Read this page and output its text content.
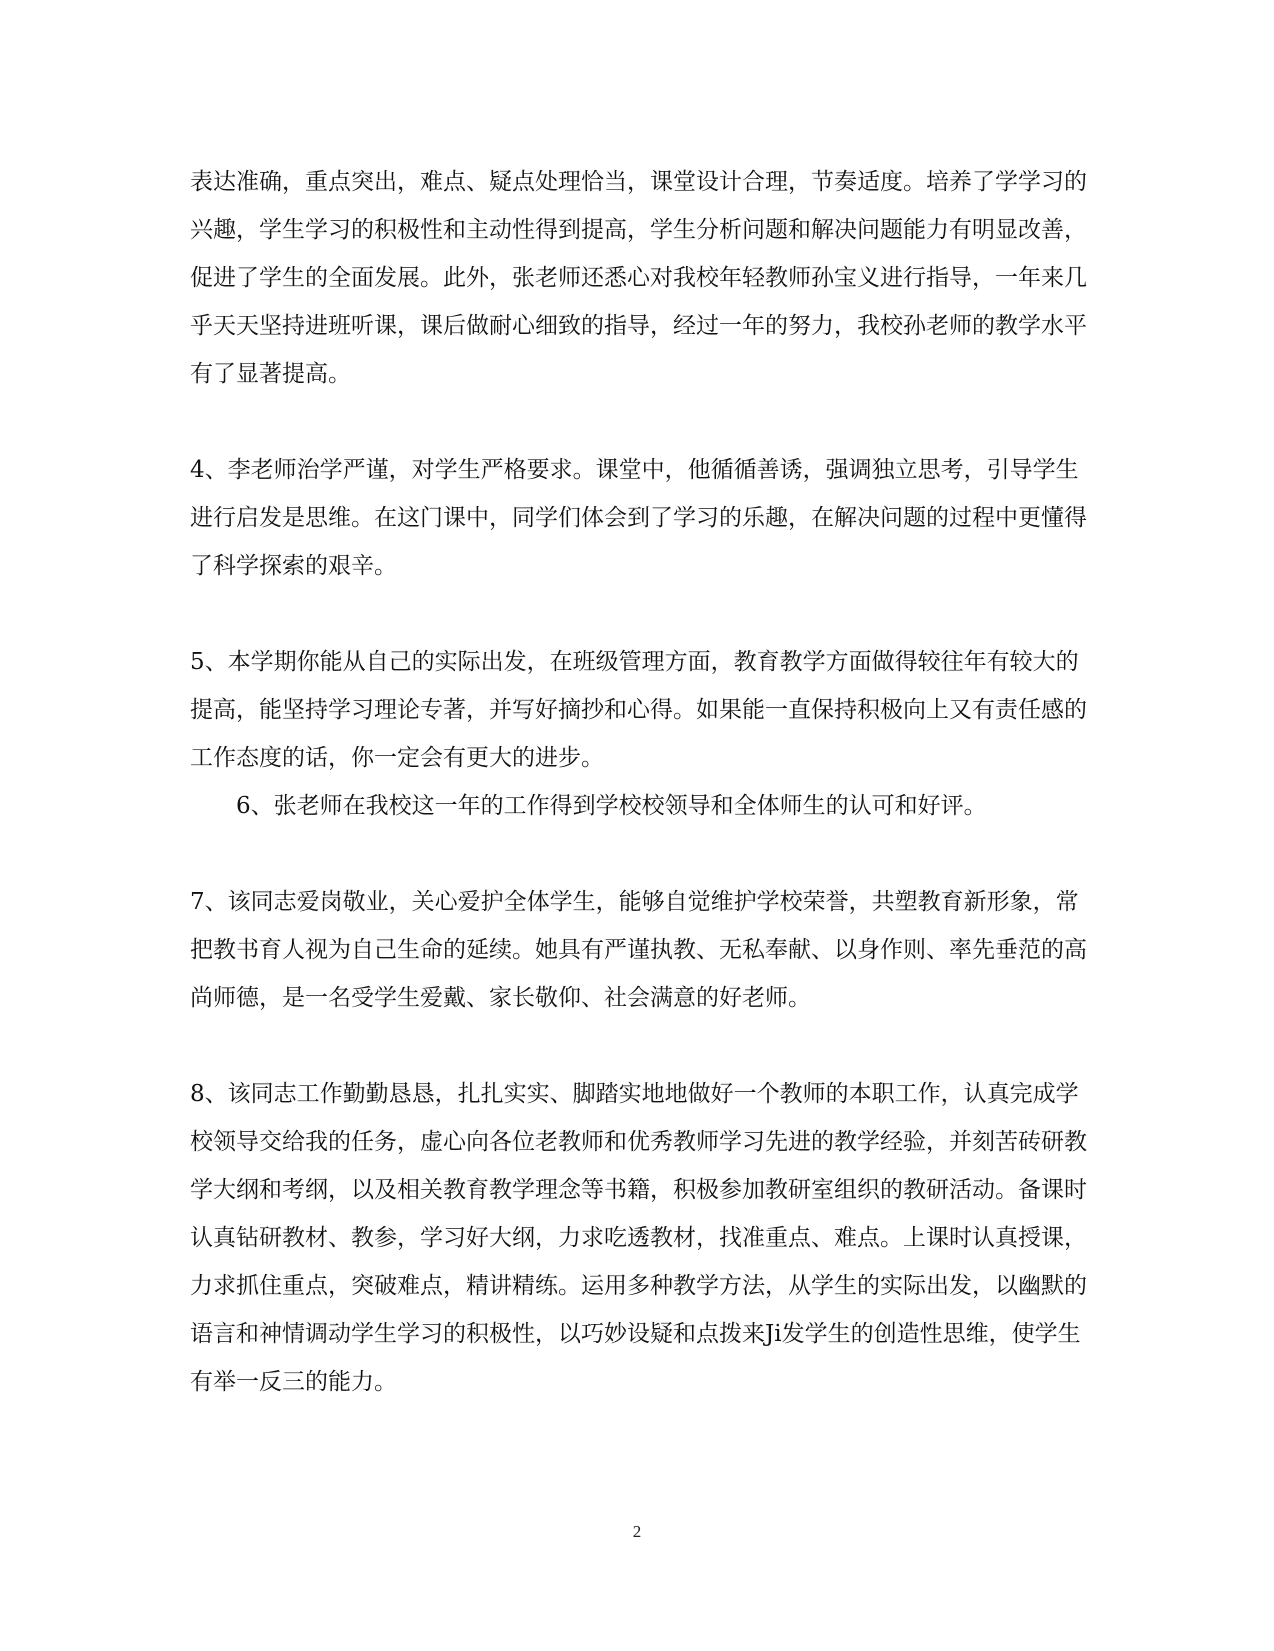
表达准确，重点突出，难点、疑点处理恰当，课堂设计合理，节奏适度。培养了学学习的兴趣，学生学习的积极性和主动性得到提高，学生分析问题和解决问题能力有明显改善，促进了学生的全面发展。此外，张老师还悉心对我校年轻教师孙宝义进行指导，一年来几乎天天坚持进班听课，课后做耐心细致的指导，经过一年的努力，我校孙老师的教学水平有了显著提高。

4、李老师治学严谨，对学生严格要求。课堂中，他循循善诱，强调独立思考，引导学生进行启发是思维。在这门课中，同学们体会到了学习的乐趣，在解决问题的过程中更懂得了科学探索的艰辛。

5、本学期你能从自己的实际出发，在班级管理方面，教育教学方面做得较往年有较大的提高，能坚持学习理论专著，并写好摘抄和心得。如果能一直保持积极向上又有责任感的工作态度的话，你一定会有更大的进步。

6、张老师在我校这一年的工作得到学校校领导和全体师生的认可和好评。

7、该同志爱岗敬业，关心爱护全体学生，能够自觉维护学校荣誉，共塑教育新形象，常把教书育人视为自己生命的延续。她具有严谨执教、无私奉献、以身作则、率先垂范的高尚师德，是一名受学生爱戴、家长敬仰、社会满意的好老师。

8、该同志工作勤勤恳恳，扎扎实实、脚踏实地地做好一个教师的本职工作，认真完成学校领导交给我的任务，虚心向各位老教师和优秀教师学习先进的教学经验，并刻苦砖研教学大纲和考纲，以及相关教育教学理念等书籍，积极参加教研室组织的教研活动。备课时认真钻研教材、教参，学习好大纲，力求吃透教材，找准重点、难点。上课时认真授课，力求抓住重点，突破难点，精讲精练。运用多种教学方法，从学生的实际出发，以幽默的语言和神情调动学生学习的积极性，以巧妙设疑和点拨来Ji发学生的创造性思维，使学生有举一反三的能力。

2
